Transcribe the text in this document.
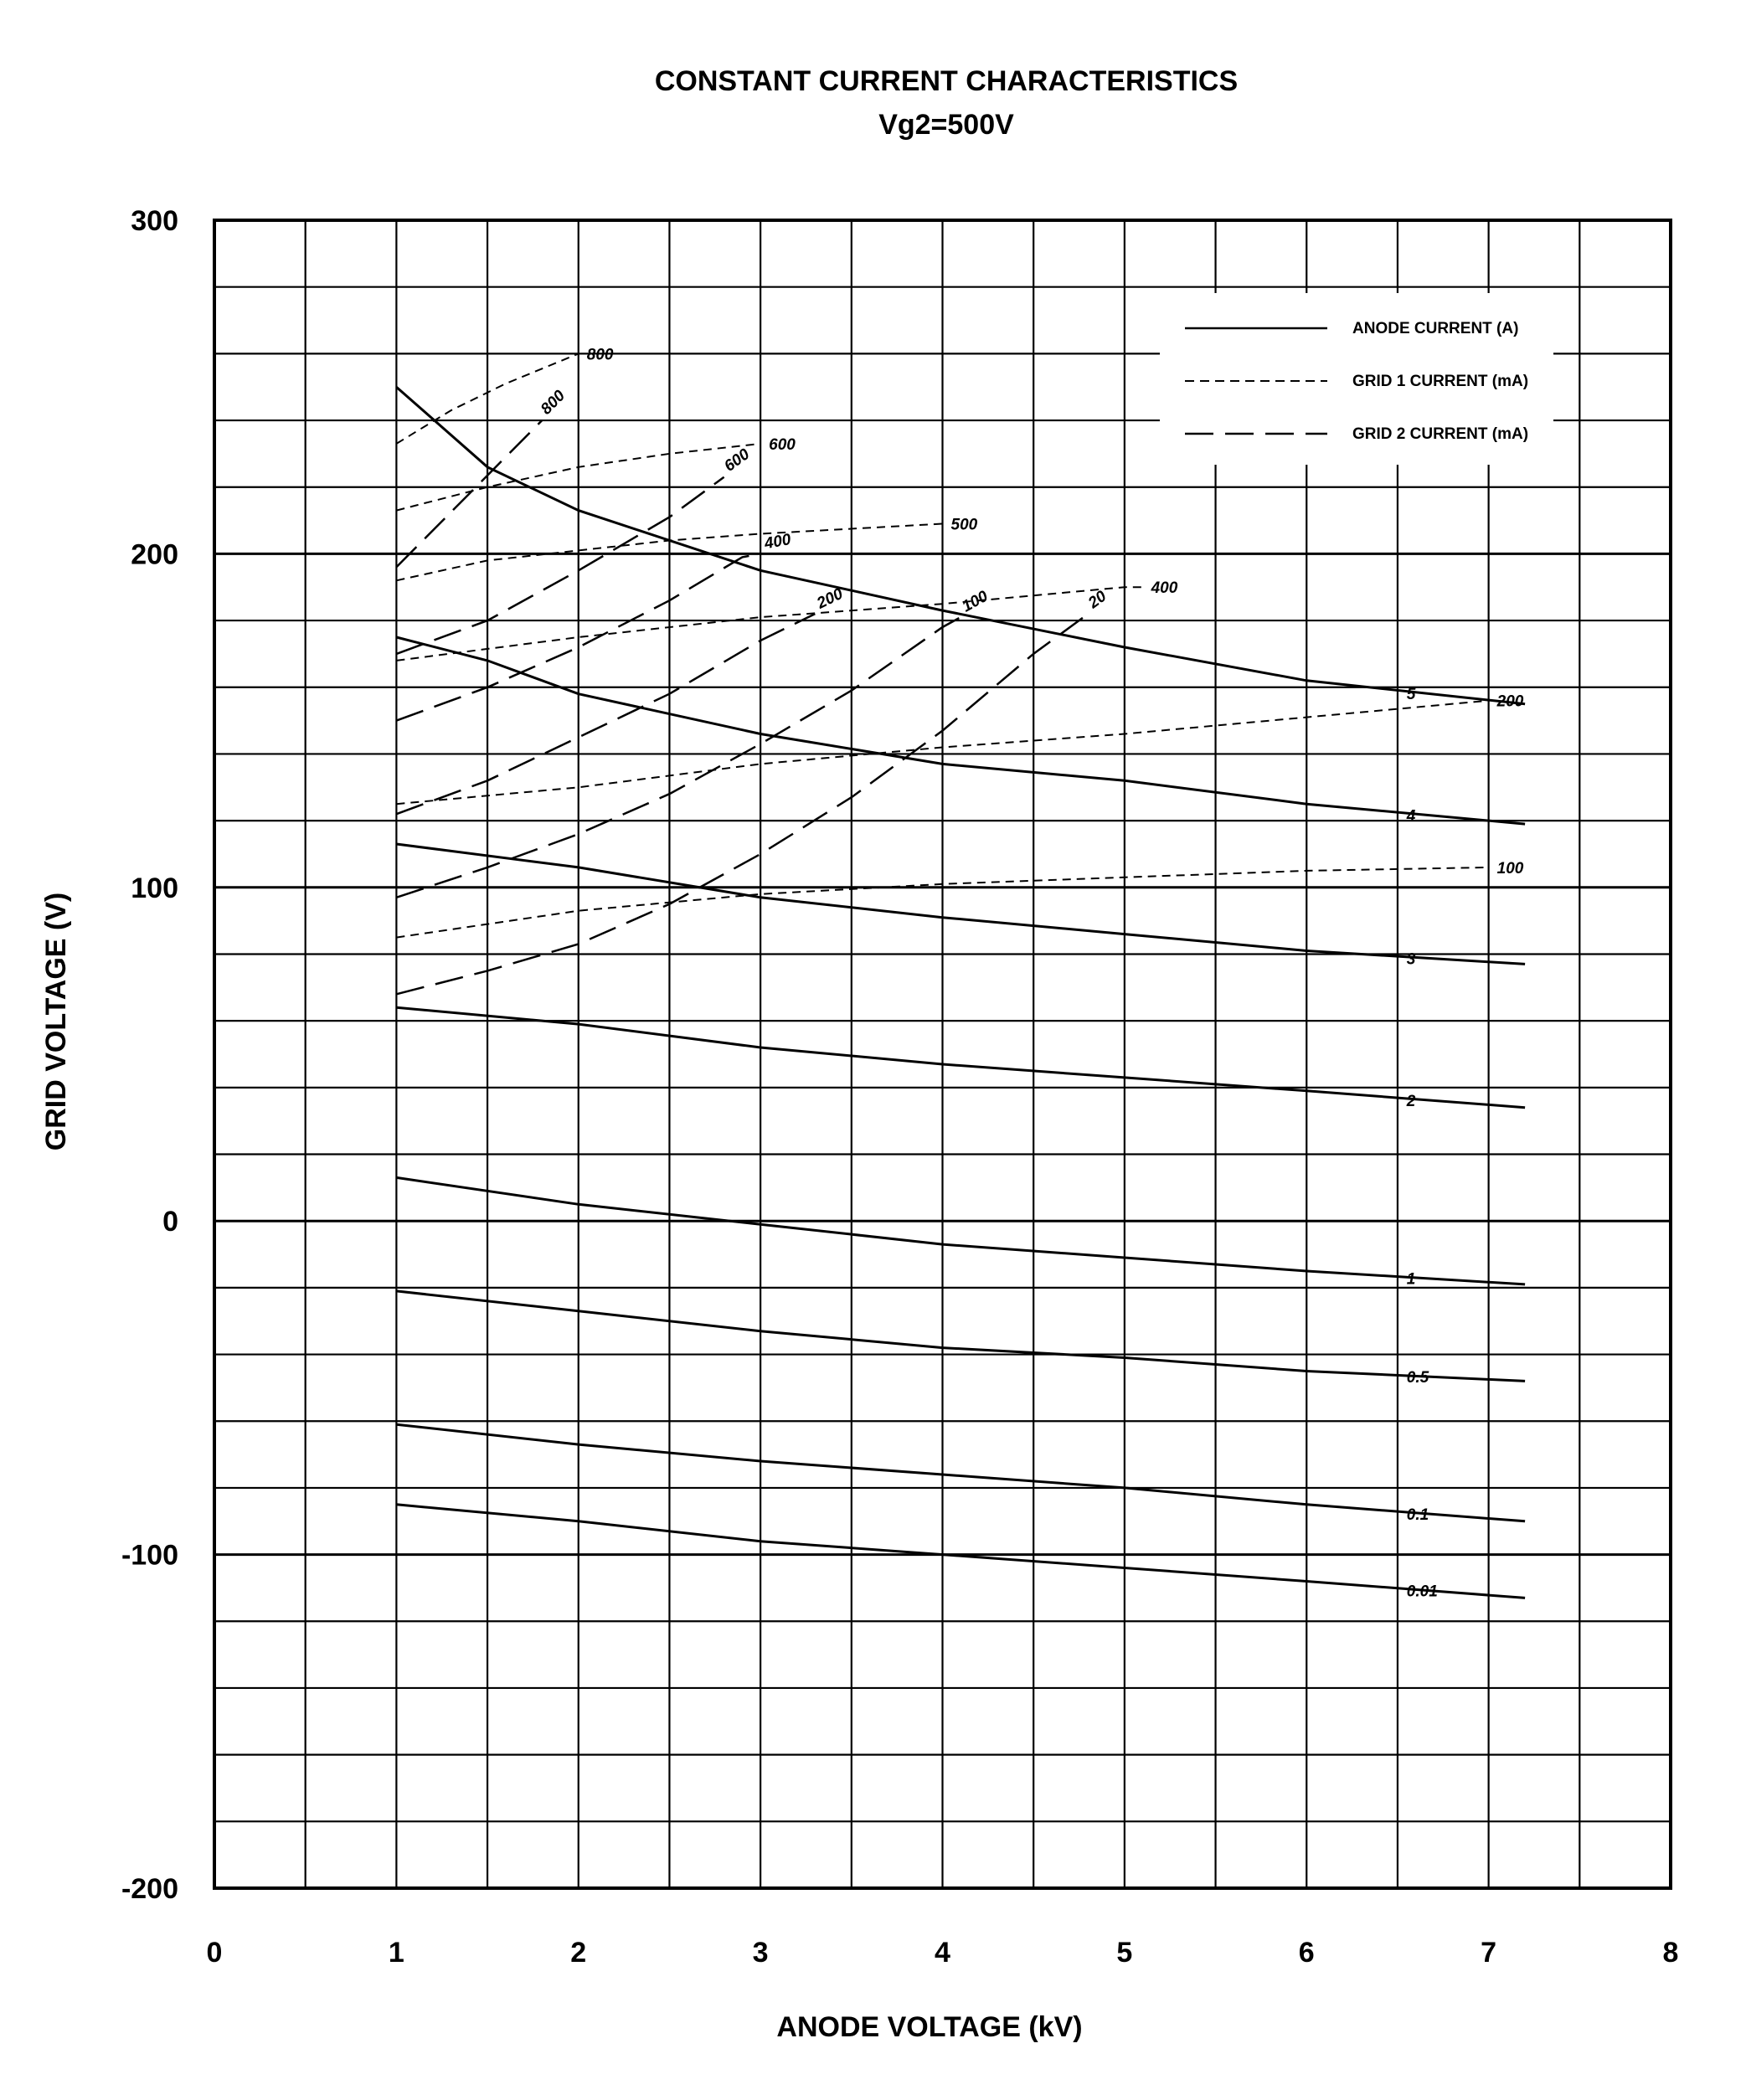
CONSTANT CURRENT CHARACTERISTICS
Vg2=500V
5
4
3
2
1
0.5
0.1
0.01
800
600
500
400
200
100
800
600
400
200	100	20
0	1	2	3	4	5	6	7	8
300
200
100
0
-100
-200
ANODE VOLTAGE (kV)
GRID VOLTAGE (V)
ANODE CURRENT (A)
GRID 1 CURRENT (mA)
GRID 2 CURRENT (mA)
